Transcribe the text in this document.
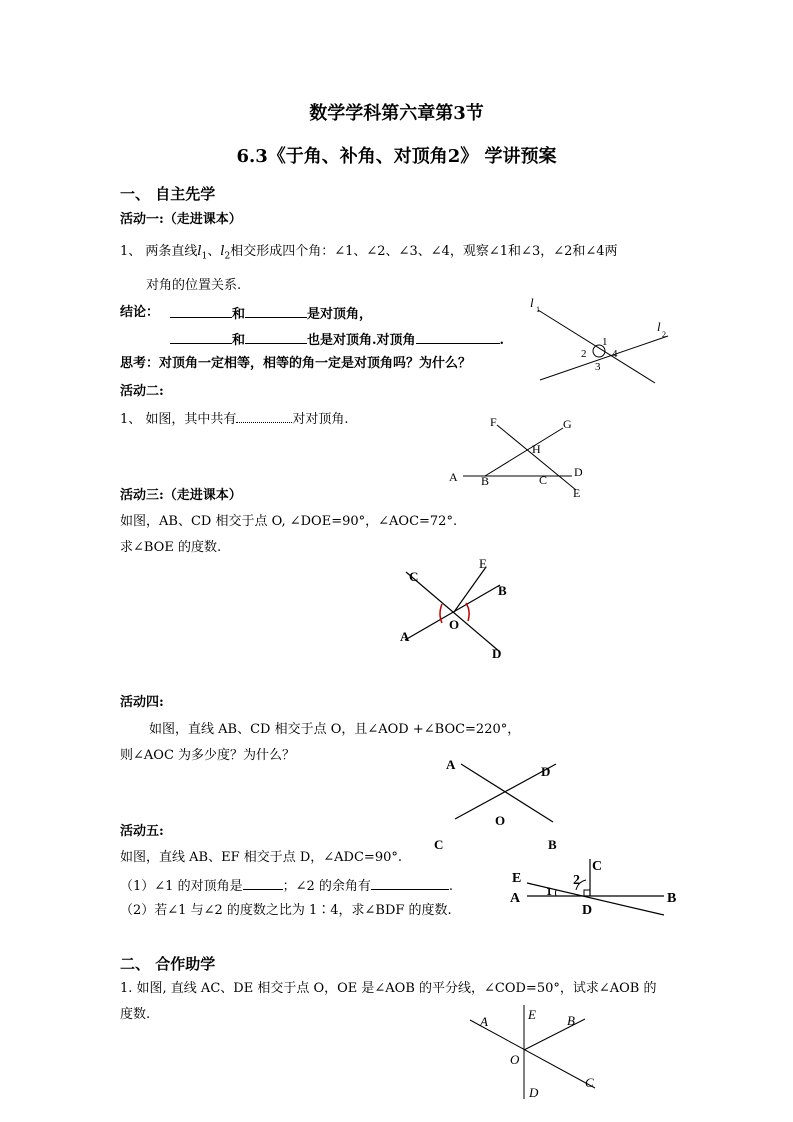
数学学科第六章第3节
6.3《于角、补角、对顶角2》 学讲预案
一、 自主先学
活动一:（走进课本）
1、 两条直线$l_1$、$l_2$相交形成四个角：∠1、∠2、∠3、∠4，观察∠1和∠3，∠2和∠4两
对角的位置关系.
结论：	和	是对顶角，
和	也是对顶角.对顶角	.
思考：对顶角一定相等，相等的角一定是对顶角吗？为什么？
l 1
l
2
1
2
3
4
活动二:
1、 如图，其中共有	对对顶角.	F	G
H
A B	C
D
E
活动三:（走进课本）
如图，AB、CD 相交于点 O, ∠DOE=90°，∠AOC=72°.
求∠BOE 的度数.
C
E
B
A
O
D
活动四:
如图，直线 AB、CD 相交于点 O，且∠AOD +∠BOC=220°，
则∠AOC 为多少度？为什么？
A	D
O
C	B
活动五:
如图，直线 AB、EF 相交于点 D，∠ADC=90°.
（1）∠1 的对顶角是	；∠2 的余角有	.
（2）若∠1 与∠2 的度数之比为 1∶4，求∠BDF 的度数.
C
E	2
1
A	B
D
二、 合作助学
1. 如图, 直线 AC、DE 相交于点 O，OE 是∠AOB 的平分线，∠COD=50°，试求∠AOB 的
度数.	A	E B
O
C
D
